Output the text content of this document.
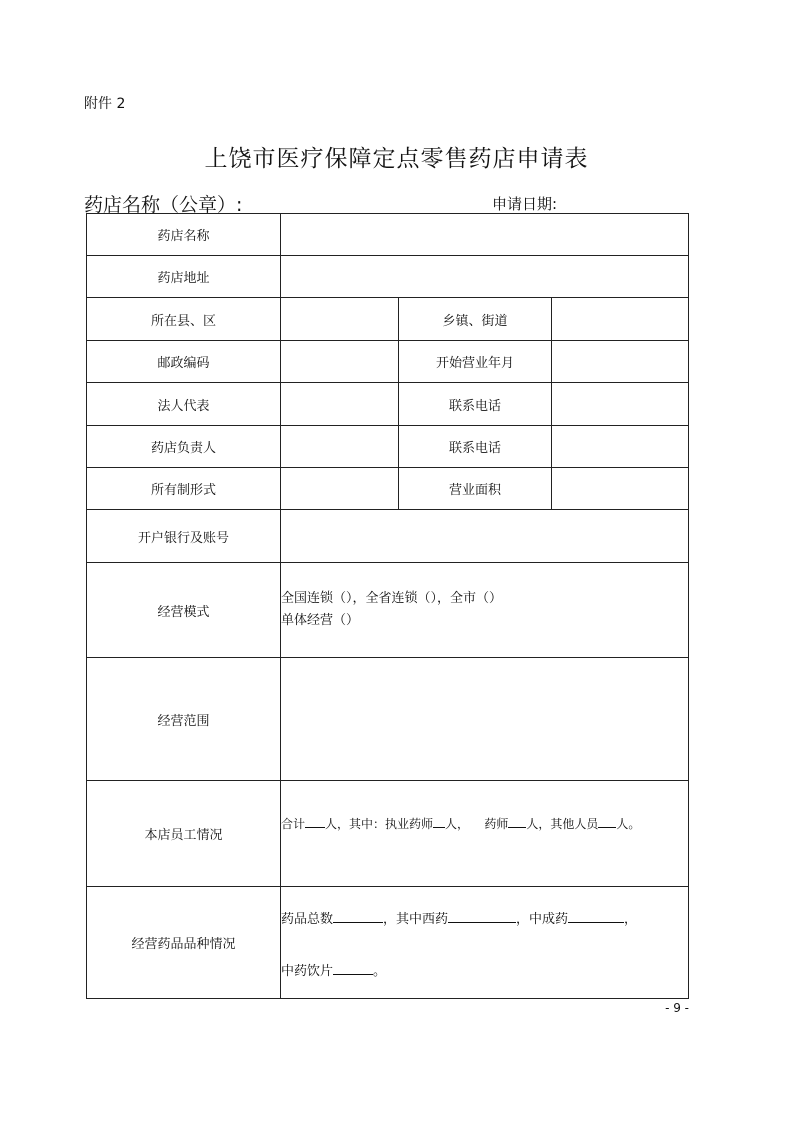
附件 2
上饶市医疗保障定点零售药店申请表
药店名称（公章）:	申请日期:
药店名称			
药店地址			
所在县、区		乡镇、街道	
邮政编码		开始营业年月	
法人代表		联系电话	
药店负责人		联系电话	
所有制形式		营业面积	
开户银行及账号			
经营模式	全国连锁（），全省连锁（），全市（）
单体经营（）		

经营范围			
本店员工情况	合计 人，其中：执业药师 人， 药师 人，其他人员 人。		
经营药品品种情况	药品总数 ，其中西药 ，中成药 ，
中药饮片 。		
- 9 -
